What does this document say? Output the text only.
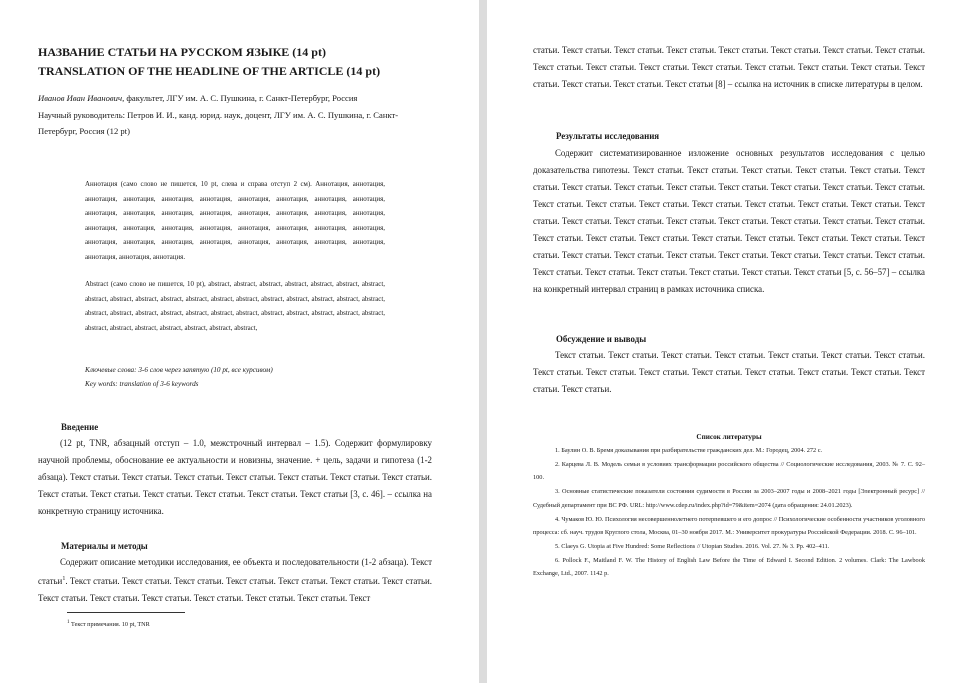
НАЗВАНИЕ СТАТЬИ НА РУССКОМ ЯЗЫКЕ (14 pt)
TRANSLATION OF THE HEADLINE OF THE ARTICLE (14 pt)

Иванов Иван Иванович, факультет, ЛГУ им. А. С. Пушкина, г. Санкт-Петербург, Россия

Научный руководитель: Петров И. И., канд. юрид. наук, доцент, ЛГУ им. А. С. Пушкина, г. Санкт-Петербург, Россия (12 pt)

Аннотация (само слово не пишется, 10 pt, слева и справа отступ 2 см). Аннотация, аннотация, аннотация, аннотация, аннотация, аннотация, аннотация, аннотация, аннотация, аннотация, аннотация, аннотация, аннотация, аннотация, аннотация, аннотация, аннотация, аннотация, аннотация, аннотация, аннотация, аннотация, аннотация, аннотация, аннотация, аннотация, аннотация, аннотация, аннотация, аннотация, аннотация, аннотация, аннотация, аннотация, аннотация, аннотация, аннотация.
Abstract (само слово не пишется, 10 pt), abstract, abstract, abstract, abstract, abstract, abstract, abstract, abstract, abstract, abstract, abstract, abstract, abstract, abstract, abstract, abstract, abstract, abstract, abstract, abstract, abstract, abstract, abstract, abstract, abstract, abstract, abstract, abstract, abstract, abstract, abstract, abstract, abstract, abstract, abstract, abstract, abstract, abstract,
Ключевые слова: 3-6 слов через запятую (10 pt, все курсивом)
Key words: translation of 3-6 keywords
Введение
(12 pt, TNR, абзацный отступ – 1.0, межстрочный интервал – 1.5). Содержит формулировку научной проблемы, обоснование ее актуальности и новизны, значение. + цель, задачи и гипотеза (1-2 абзаца). Текст статьи. Текст статьи. Текст статьи. Текст статьи. Текст статьи. Текст статьи. Текст статьи. Текст статьи. Текст статьи. Текст статьи. Текст статьи. Текст статьи. Текст статьи [3, с. 46]. – ссылка на конкретную страницу источника.
Материалы и методы
Содержит описание методики исследования, ее объекта и последовательности (1-2 абзаца). Текст статьи$^1$. Текст статьи. Текст статьи. Текст статьи. Текст статьи. Текст статьи. Текст статьи. Текст статьи. Текст статьи. Текст статьи. Текст статьи. Текст статьи. Текст статьи. Текст статьи. Текст
$^1$ Текст примечания. 10 pt, TNR
статьи. Текст статьи. Текст статьи. Текст статьи. Текст статьи. Текст статьи. Текст статьи. Текст статьи. Текст статьи. Текст статьи. Текст статьи. Текст статьи. Текст статьи. Текст статьи. Текст статьи. Текст статьи. Текст статьи. Текст статьи. Текст статьи [8] – ссылка на источник в списке литературы в целом.
Результаты исследования
Содержит систематизированное изложение основных результатов исследования с целью доказательства гипотезы. Текст статьи. Текст статьи. Текст статьи. Текст статьи. Текст статьи. Текст статьи. Текст статьи. Текст статьи. Текст статьи. Текст статьи. Текст статьи. Текст статьи. Текст статьи. Текст статьи. Текст статьи. Текст статьи. Текст статьи. Текст статьи. Текст статьи. Текст статьи. Текст статьи. Текст статьи. Текст статьи. Текст статьи. Текст статьи. Текст статьи. Текст статьи. Текст статьи. Текст статьи. Текст статьи. Текст статьи. Текст статьи. Текст статьи. Текст статьи. Текст статьи. Текст статьи. Текст статьи. Текст статьи. Текст статьи. Текст статьи. Текст статьи. Текст статьи. Текст статьи. Текст статьи. Текст статьи. Текст статьи. Текст статьи. Текст статьи. Текст статьи [5, с. 56–57] – ссылка на конкретный интервал страниц в рамках источника списка.
Обсуждение и выводы
Текст статьи. Текст статьи. Текст статьи. Текст статьи. Текст статьи. Текст статьи. Текст статьи. Текст статьи. Текст статьи. Текст статьи. Текст статьи. Текст статьи. Текст статьи. Текст статьи. Текст статьи. Текст статьи.
Список литературы

1. Баулин О. В. Бремя доказывания при разбирательстве гражданских дел. М.: Городец, 2004. 272 с.

2. Карцева Л. В. Модель семьи в условиях трансформации российского общества // Социологические исследования, 2003. № 7. С. 92–100.

3. Основные статистические показатели состояния судимости в России за 2003–2007 годы и 2008–2021 годы [Электронный ресурс] // Судебный департамент при ВС РФ. URL: http://www.cdep.ru/index.php?id=79&item=2074 (дата обращения: 24.01.2023).

4. Чумаков Ю. Ю. Психология несовершеннолетнего потерпевшего и его допрос // Психологические особенности участников уголовного процесса: сб. науч. трудов Круглого стола, Москва, 01–30 ноября 2017. М.: Университет прокуратуры Российской Федерации. 2018. С. 96–101.

5. Claeys G. Utopia at Five Hundred: Some Reflections // Utopian Studies. 2016. Vol. 27. № 3. Pp. 402–411.

6. Pollock F., Maitland F. W. The History of English Law Before the Time of Edward I. Second Edition. 2 volumes. Clark: The Lawbook Exchange, Ltd., 2007. 1142 p.
